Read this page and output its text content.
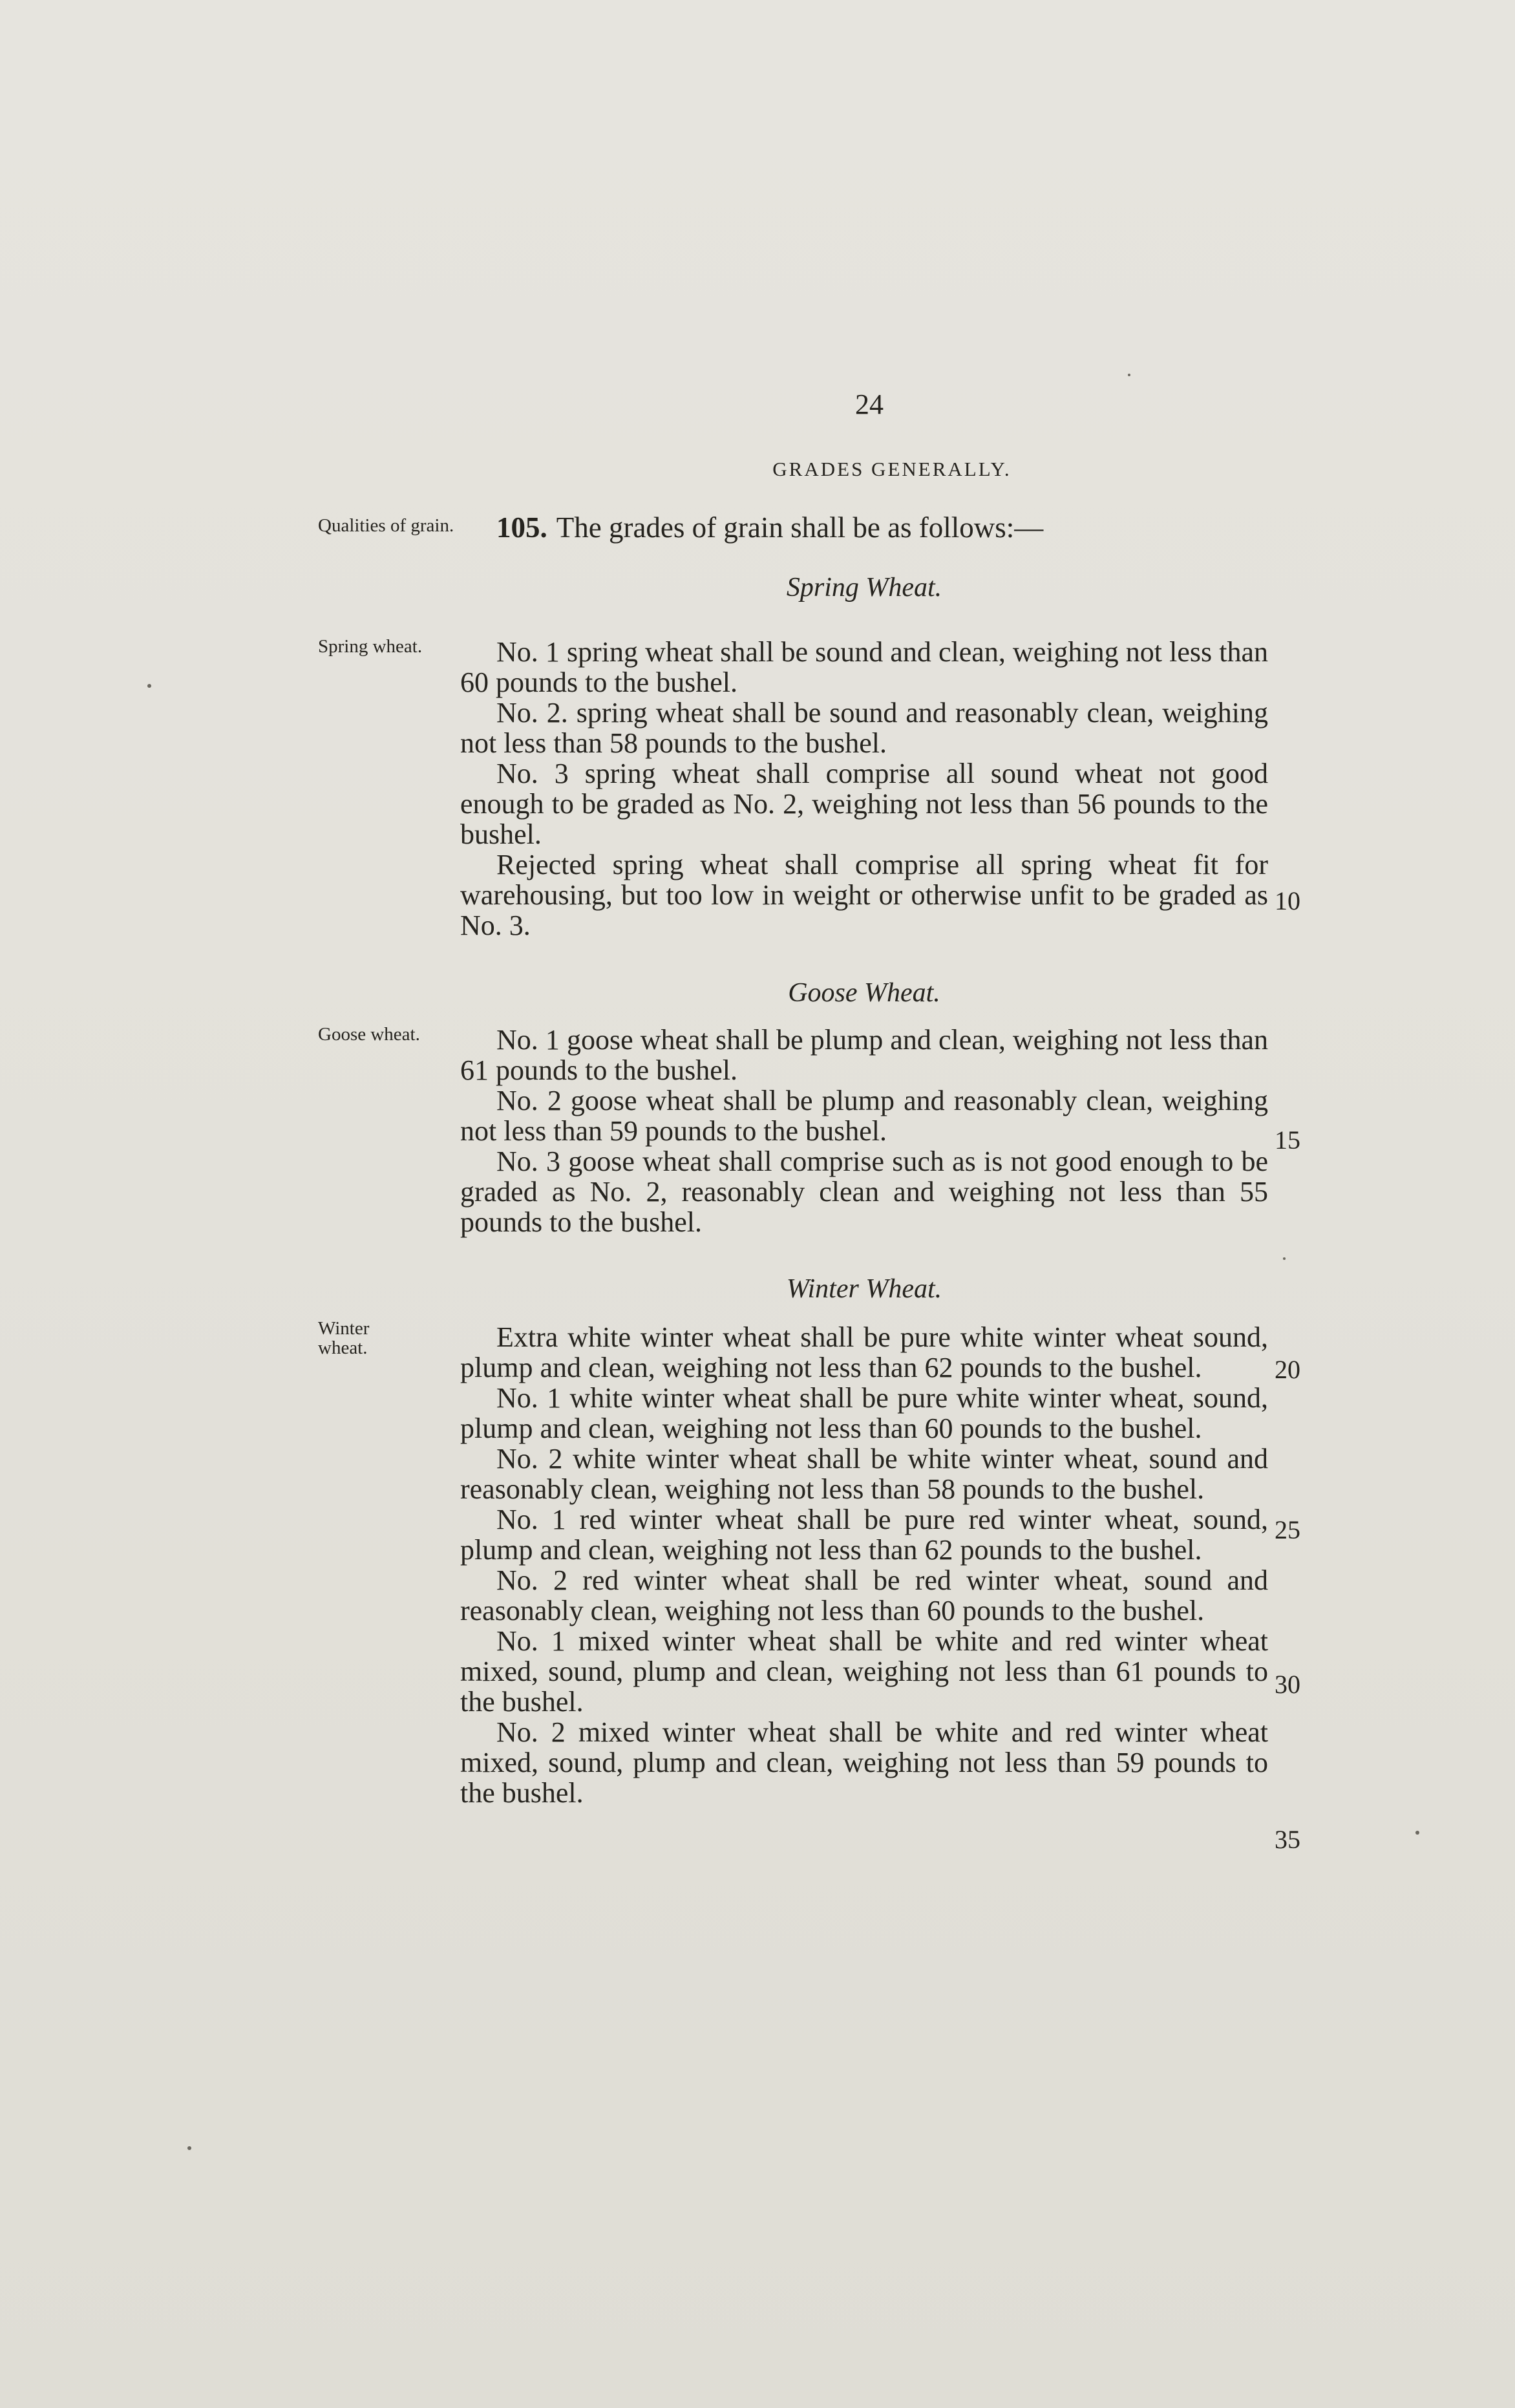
24
GRADES GENERALLY.
Qualities of grain.	105. The grades of grain shall be as follows:—
Spring Wheat.
Spring wheat.	No. 1 spring wheat shall be sound and clean, weighing not less than 60 pounds to the bushel.

No. 2. spring wheat shall be sound and reasonably clean, weighing not less than 58 pounds to the bushel.

No. 3 spring wheat shall comprise all sound wheat not good enough to be graded as No. 2, weighing not less than 56 pounds to the bushel.

Rejected spring wheat shall comprise all spring wheat fit for warehousing, but too low in weight or otherwise unfit to be graded as No. 3.

10
Goose Wheat.
Goose wheat.	No. 1 goose wheat shall be plump and clean, weighing not less than 61 pounds to the bushel.

No. 2 goose wheat shall be plump and reasonably clean, weighing not less than 59 pounds to the bushel.

No. 3 goose wheat shall comprise such as is not good enough to be graded as No. 2, reasonably clean and weighing not less than 55 pounds to the bushel.

15
Winter Wheat.
Winter wheat.	Extra white winter wheat shall be pure white winter wheat sound, plump and clean, weighing not less than 62 pounds to the bushel.

No. 1 white winter wheat shall be pure white winter wheat, sound, plump and clean, weighing not less than 60 pounds to the bushel.

No. 2 white winter wheat shall be white winter wheat, sound and reasonably clean, weighing not less than 58 pounds to the bushel.

No. 1 red winter wheat shall be pure red winter wheat, sound, plump and clean, weighing not less than 62 pounds to the bushel.

No. 2 red winter wheat shall be red winter wheat, sound and reasonably clean, weighing not less than 60 pounds to the bushel.

No. 1 mixed winter wheat shall be white and red winter wheat mixed, sound, plump and clean, weighing not less than 61 pounds to the bushel.

No. 2 mixed winter wheat shall be white and red winter wheat mixed, sound, plump and clean, weighing not less than 59 pounds to the bushel.

20
25
30
35
